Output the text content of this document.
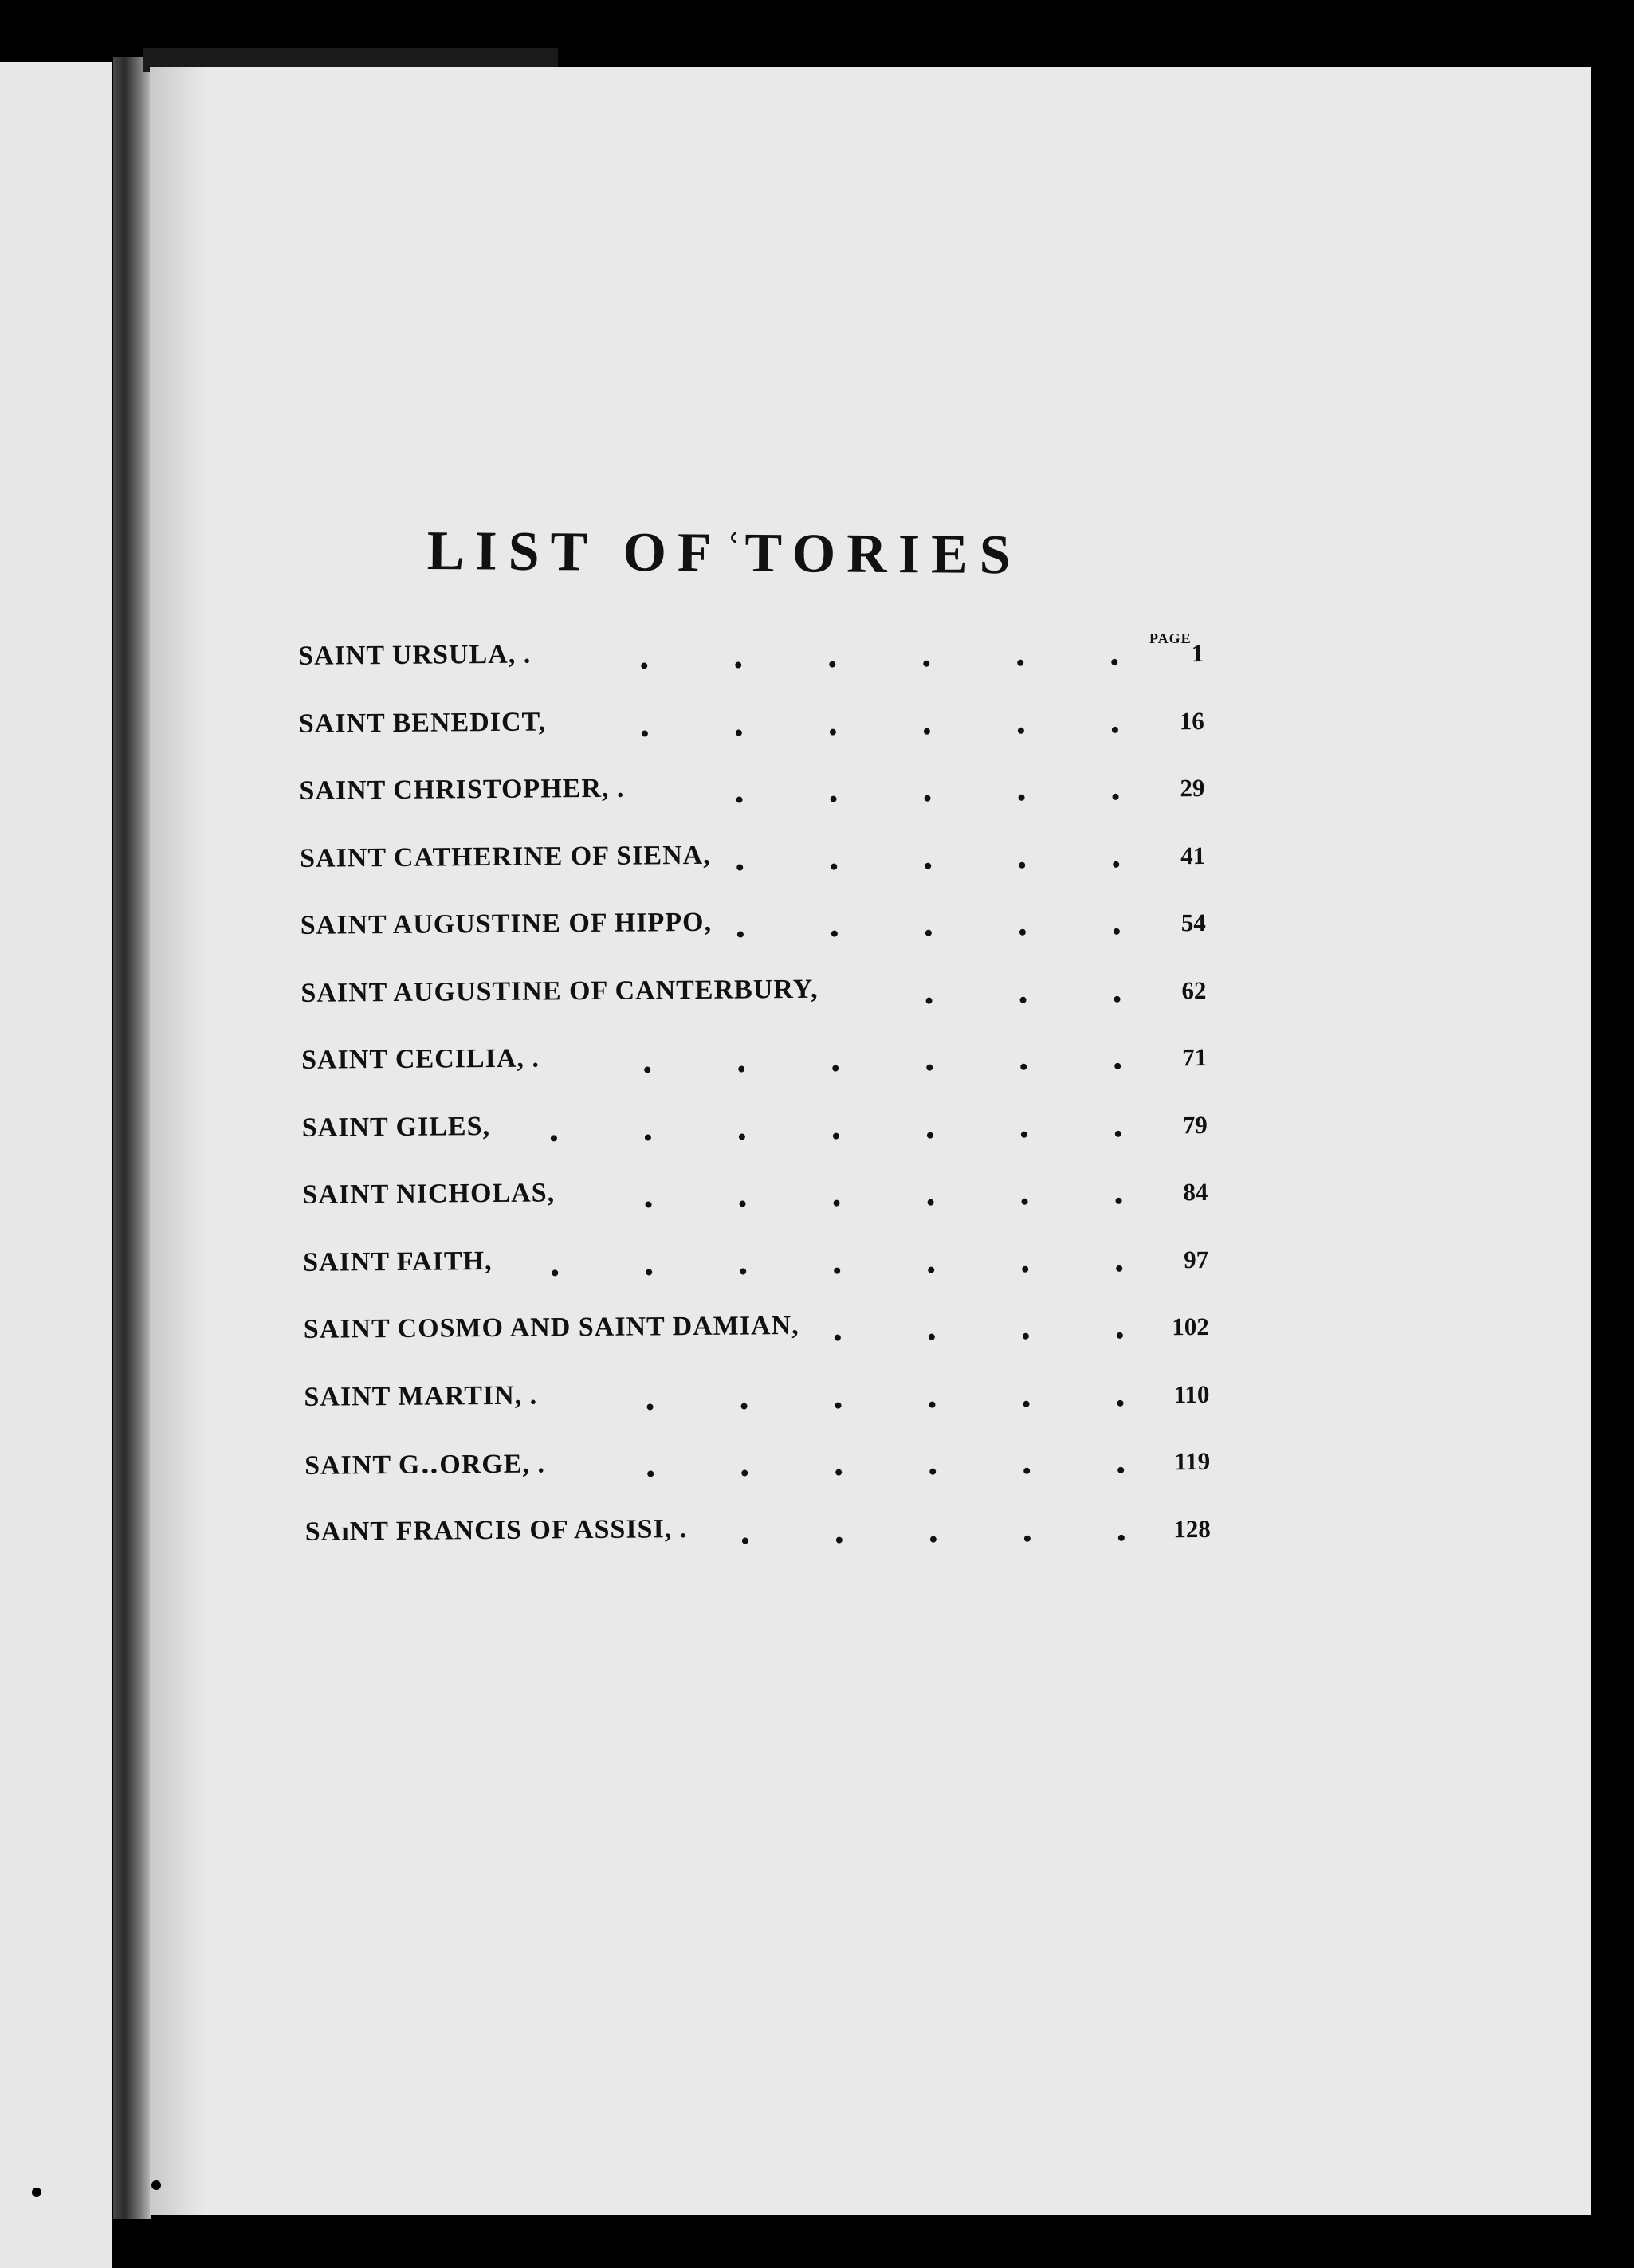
LIST OF ͑TORIES
PAGE
SAINT URSULA, .	1
SAINT BENEDICT,	16
SAINT CHRISTOPHER, .	29
SAINT CATHERINE OF SIENA,	41
SAINT AUGUSTINE OF HIPPO,	54
SAINT AUGUSTINE OF CANTERBURY,	62
SAINT CECILIA, .	71
SAINT GILES,	79
SAINT NICHOLAS,	84
SAINT FAITH,	97
SAINT COSMO AND SAINT DAMIAN,	102
SAINT MARTIN, .	110
SAINT G‥ORGE, .	119
SAıNT FRANCIS OF ASSISI, .	128
